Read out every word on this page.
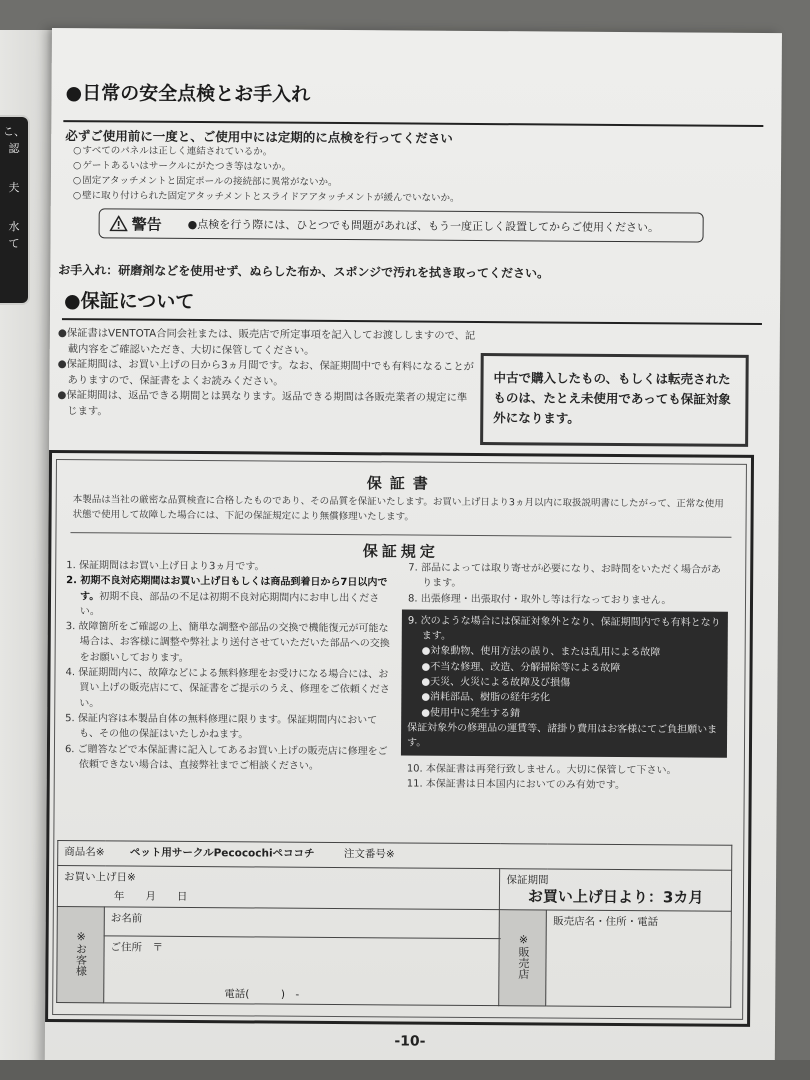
こ、
認
夫
水
て
●日常の安全点検とお手入れ
必ずご使用前に一度と、ご使用中には定期的に点検を行ってください
○ すべてのパネルは正しく連結されているか。
○ ゲートあるいはサークルにがたつき等はないか。
○ 固定アタッチメントと固定ポールの接続部に異常がないか。
○ 壁に取り付けられた固定アタッチメントとスライドアアタッチメントが緩んでいないか。
警告 ●点検を行う際には、ひとつでも問題があれば、もう一度正しく設置してからご使用ください。
お手入れ：研磨剤などを使用せず、ぬらした布か、スポンジで汚れを拭き取ってください。
●保証について

● 保証書はVENTOTA合同会社または、販売店で所定事項を記入してお渡ししますので、記載内容をご確認いただき、大切に保管してください。

● 保証期間は、お買い上げの日から3ヵ月間です。なお、保証期間中でも有料になることがありますので、保証書をよくお読みください。

● 保証期間は、返品できる期間とは異なります。返品できる期間は各販売業者の規定に準じます。

中古で購入したもの、もしくは転売されたものは、たとえ未使用であっても保証対象外になります。
保証書
本製品は当社の厳密な品質検査に合格したものであり、その品質を保証いたします。お買い上げ日より3ヵ月以内に取扱説明書にしたがって、正常な使用状態で使用して故障した場合には、下記の保証規定により無償修理いたします。
保証規定

1. 保証期間はお買い上げ日より3ヵ月です。

2. 初期不良対応期間はお買い上げ日もしくは商品到着日から7日以内です。初期不良、部品の不足は初期不良対応期間内にお申し出ください。

3. 故障箇所をご確認の上、簡単な調整や部品の交換で機能復元が可能な場合は、お客様に調整や弊社より送付させていただいた部品への交換をお願いしております。

4. 保証期間内に、故障などによる無料修理をお受けになる場合には、お買い上げの販売店にて、保証書をご提示のうえ、修理をご依頼ください。

5. 保証内容は本製品自体の無料修理に限ります。保証期間内においても、その他の保証はいたしかねます。

6. ご贈答などで本保証書に記入してあるお買い上げの販売店に修理をご依頼できない場合は、直接弊社までご相談ください。

7. 部品によっては取り寄せが必要になり、お時間をいただく場合があります。

8. 出張修理・出張取付・取外し等は行なっておりません。

9. 次のような場合には保証対象外となり、保証期間内でも有料となります。

● 対象動物、使用方法の誤り、または乱用による故障
● 不当な修理、改造、分解掃除等による故障
● 天災、火災による故障及び損傷
● 消耗部品、樹脂の経年劣化
● 使用中に発生する錆
保証対象外の修理品の運賃等、諸掛り費用はお客様にてご負担願います。

10. 本保証書は再発行致しません。大切に保管して下さい。

11. 本保証書は日本国内においてのみ有効です。

商品名※ ペット用サークルPecocochiペココチ 注文番号※			

お買い上げ日※
年　　月　　日

保証期間
お買い上げ日より：3カ月

※お客様	お名前	※販売店	販売店名・住所・電話

	ご住所　〒
電話(　　　)　-		
-10-
